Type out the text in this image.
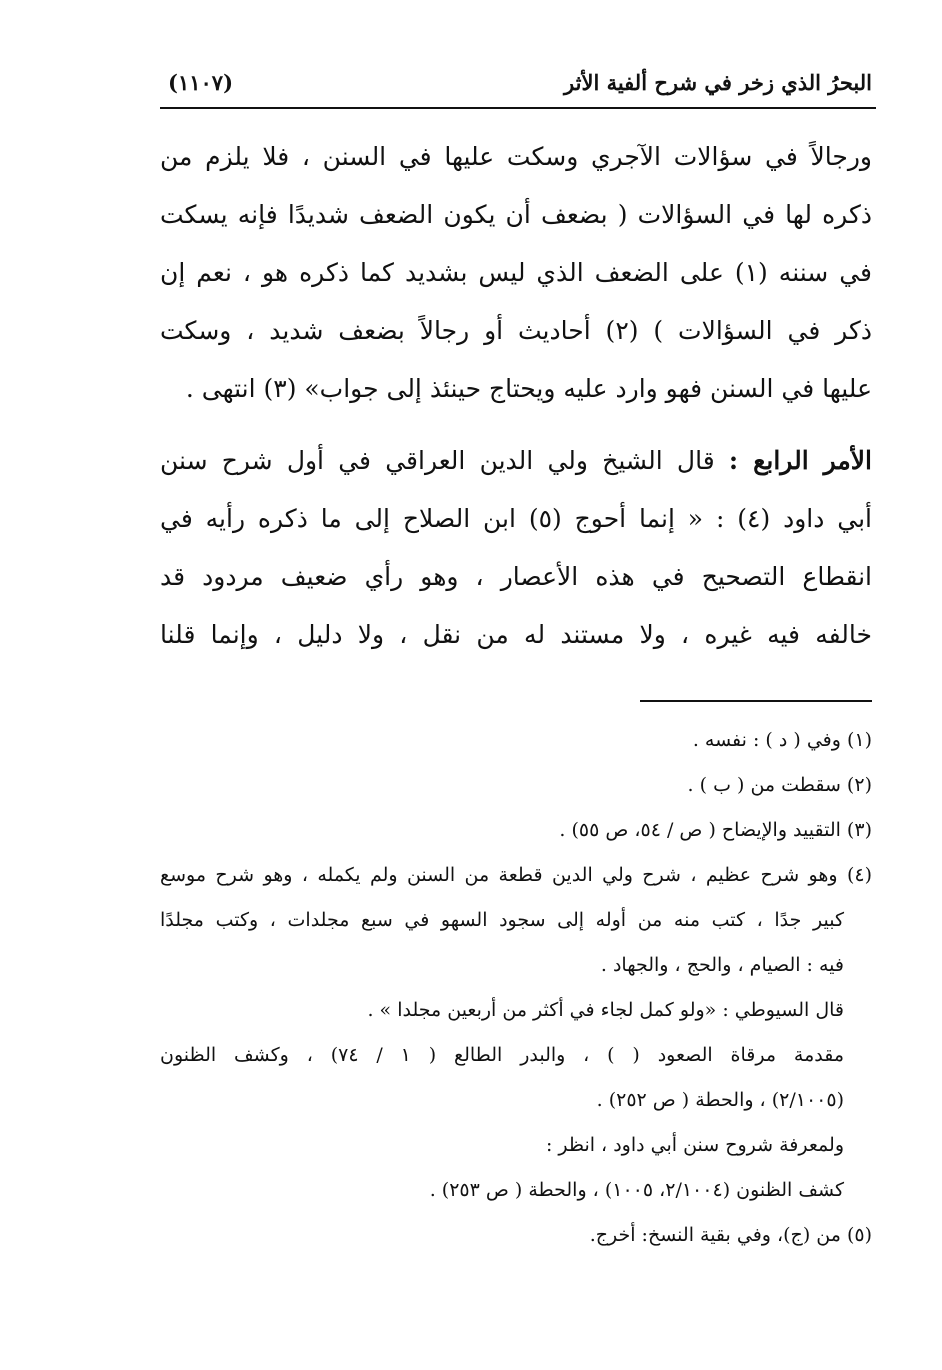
البحرُ الذي زخر في شرح ألفية الأثر
(١١٠٧)
ورجالاً في سؤالات الآجري وسكت عليها في السنن ، فلا يلزم من
ذكره لها في السؤالات ( بضعف أن يكون الضعف شديدًا فإنه يسكت
في سننه (١) على الضعف الذي ليس بشديد كما ذكره هو ، نعم إن
ذكر في السؤالات ) (٢) أحاديث أو رجالاً بضعف شديد ، وسكت
عليها في السنن فهو وارد عليه ويحتاج حينئذ إلى جواب» (٣) انتهى .
الأمر الرابع : قال الشيخ ولي الدين العراقي في أول شرح سنن
أبي داود (٤) : « إنما أحوج (٥) ابن الصلاح إلى ما ذكره رأيه في
انقطاع التصحيح في هذه الأعصار ، وهو رأي ضعيف مردود قد
خالفه فيه غيره ، ولا مستند له من نقل ، ولا دليل ، وإنما قلنا
(١) وفي ( د ) : نفسه .
(٢) سقطت من ( ب ) .
(٣) التقييد والإيضاح ( ص / ٥٤، ص ٥٥) .
(٤) وهو شرح عظيم ، شرح ولي الدين قطعة من السنن ولم يكمله ، وهو شرح موسع
كبير جدًا ، كتب منه من أوله إلى سجود السهو في سبع مجلدات ، وكتب مجلدًا
فيه : الصيام ، والحج ، والجهاد .
قال السيوطي : «ولو كمل لجاء في أكثر من أربعين مجلدا » .
مقدمة مرقاة الصعود ( ) ، والبدر الطالع ( ١ / ٧٤) ، وكشف الظنون
(٢/١٠٠٥) ، والحطة ( ص ٢٥٢) .
ولمعرفة شروح سنن أبي داود ، انظر :
كشف الظنون (٢/١٠٠٤، ١٠٠٥) ، والحطة ( ص ٢٥٣) .
(٥) من (ج)، وفي بقية النسخ: أخرج.
